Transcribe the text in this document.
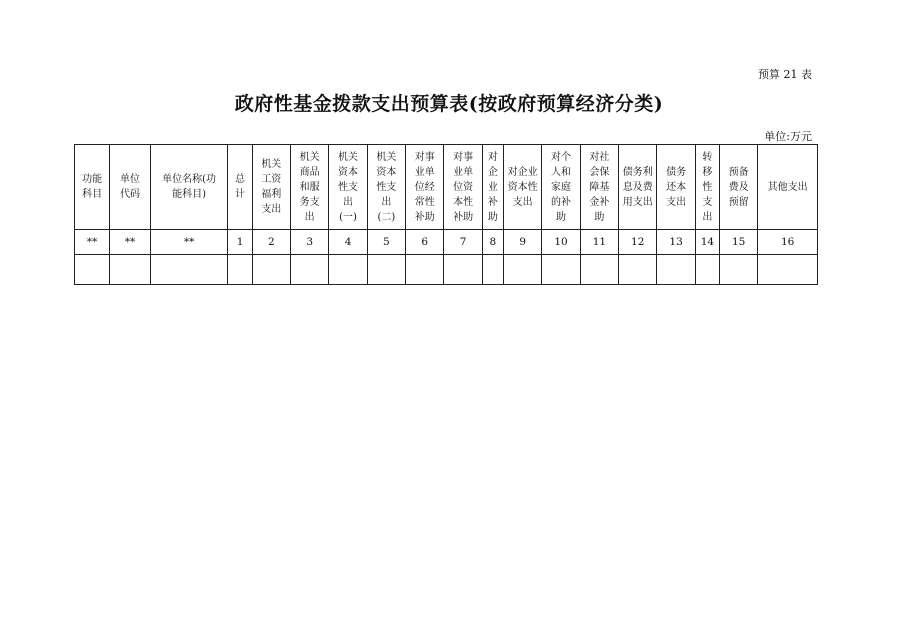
预算 21 表
政府性基金拨款支出预算表(按政府预算经济分类)
单位:万元
功能科目	单位代码	单位名称(功能科目)	总计	机关工资福利支出	机关商品和服务支出	机关资本性支出(一)	机关资本性支出(二)	对事业单位经常性补助	对事业单位资本性补助	对企业补助	对企业资本性支出	对个人和家庭的补助	对社会保障基金补助	债务利息及费用支出	债务还本支出	转移性支出	预备费及预留	其他支出
**	**	**	1	2	3	4	5	6	7	8	9	10	11	12	13	14	15	16
